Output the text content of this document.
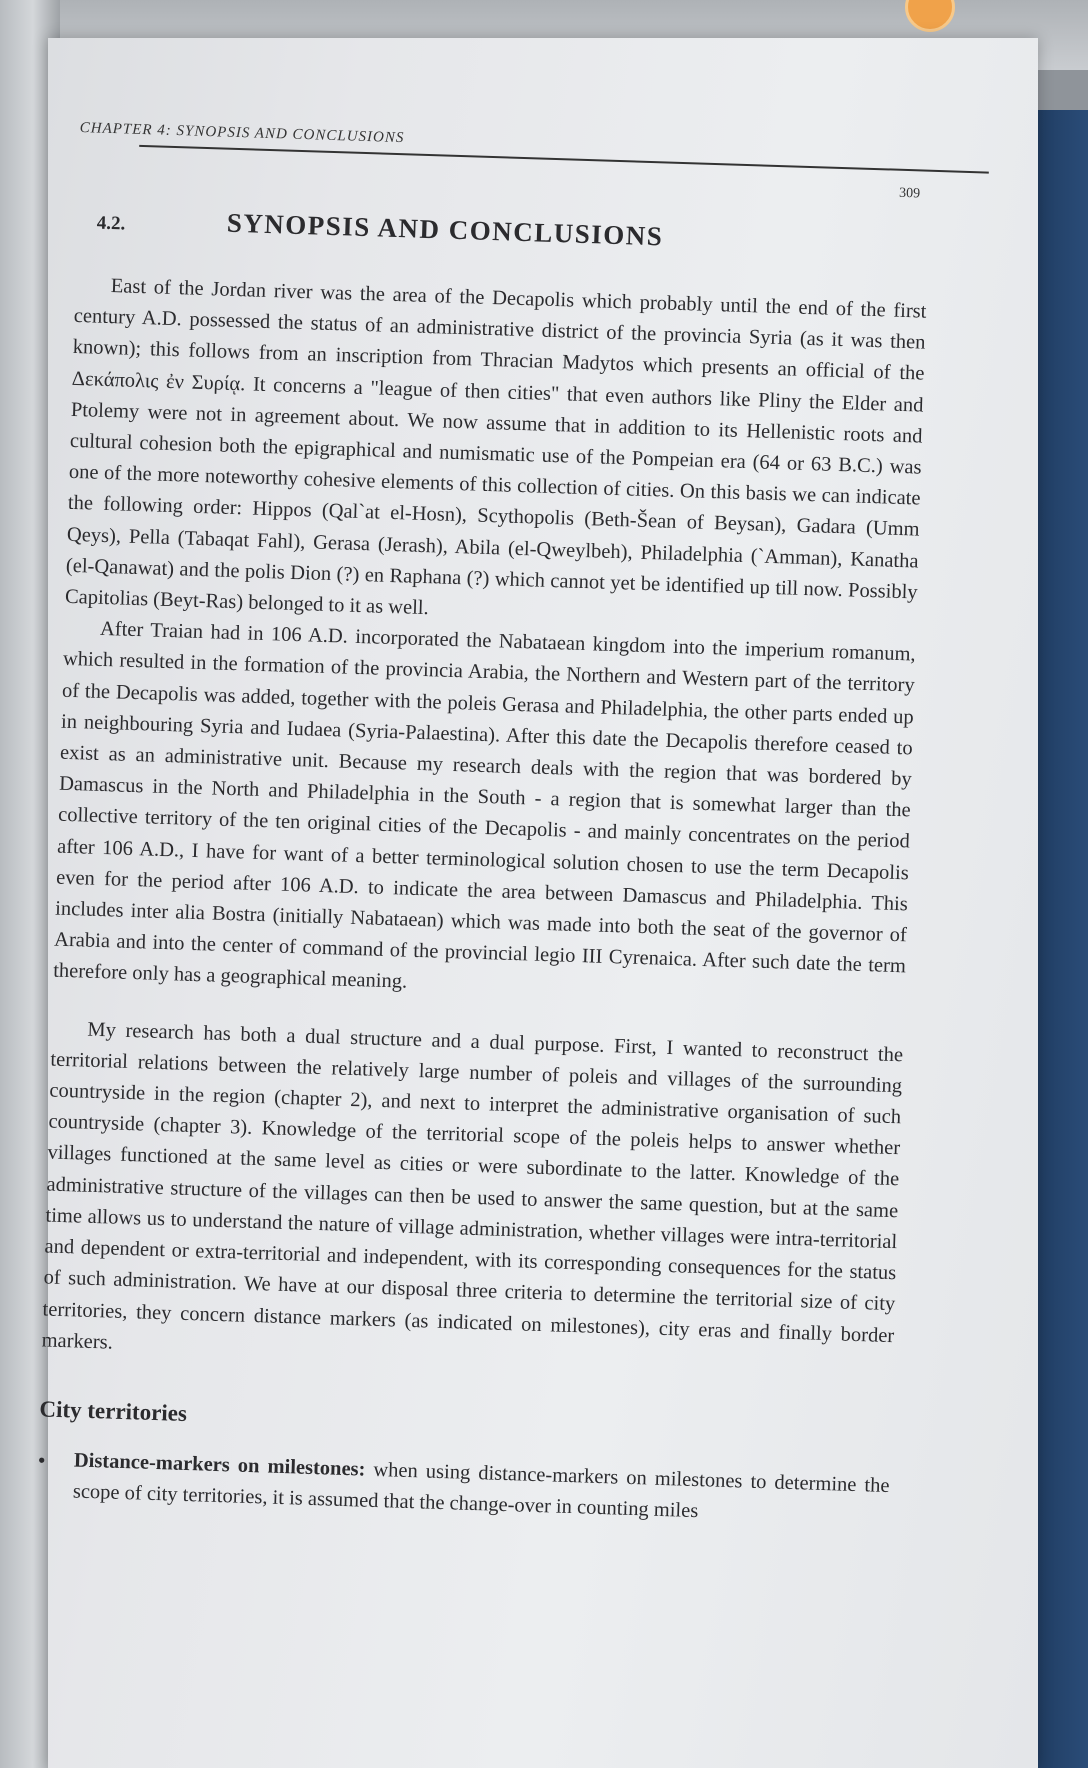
CHAPTER 4: SYNOPSIS AND CONCLUSIONS
309
4.2.	SYNOPSIS AND CONCLUSIONS

East of the Jordan river was the area of the Decapolis which probably until the end of the first century A.D. possessed the status of an administrative district of the provincia Syria (as it was then known); this follows from an inscription from Thracian Madytos which presents an official of the Δεκάπολις ἐν Συρίᾳ. It concerns a "league of then cities" that even authors like Pliny the Elder and Ptolemy were not in agreement about. We now assume that in addition to its Hellenistic roots and cultural cohesion both the epigraphical and numismatic use of the Pompeian era (64 or 63 B.C.) was one of the more noteworthy cohesive elements of this collection of cities. On this basis we can indicate the following order: Hippos (Qal`at el-Hosn), Scythopolis (Beth-Šean of Beysan), Gadara (Umm Qeys), Pella (Tabaqat Fahl), Gerasa (Jerash), Abila (el-Qweylbeh), Philadelphia (`Amman), Kanatha (el-Qanawat) and the polis Dion (?) en Raphana (?) which cannot yet be identified up till now. Possibly Capitolias (Beyt-Ras) belonged to it as well.

After Traian had in 106 A.D. incorporated the Nabataean kingdom into the imperium romanum, which resulted in the formation of the provincia Arabia, the Northern and Western part of the territory of the Decapolis was added, together with the poleis Gerasa and Philadelphia, the other parts ended up in neighbouring Syria and Iudaea (Syria-Palaestina). After this date the Decapolis therefore ceased to exist as an administrative unit. Because my research deals with the region that was bordered by Damascus in the North and Philadelphia in the South - a region that is somewhat larger than the collective territory of the ten original cities of the Decapolis - and mainly concentrates on the period after 106 A.D., I have for want of a better terminological solution chosen to use the term Decapolis even for the period after 106 A.D. to indicate the area between Damascus and Philadelphia. This includes inter alia Bostra (initially Nabataean) which was made into both the seat of the governor of Arabia and into the center of command of the provincial legio III Cyrenaica. After such date the term therefore only has a geographical meaning.

My research has both a dual structure and a dual purpose. First, I wanted to reconstruct the territorial relations between the relatively large number of poleis and villages of the surrounding countryside in the region (chapter 2), and next to interpret the administrative organisation of such countryside (chapter 3). Knowledge of the territorial scope of the poleis helps to answer whether villages functioned at the same level as cities or were subordinate to the latter. Knowledge of the administrative structure of the villages can then be used to answer the same question, but at the same time allows us to understand the nature of village administration, whether villages were intra-territorial and dependent or extra-territorial and independent, with its corresponding consequences for the status of such administration. We have at our disposal three criteria to determine the territorial size of city territories, they concern distance markers (as indicated on milestones), city eras and finally border markers.

City territories
• Distance-markers on milestones: when using distance-markers on milestones to determine the scope of city territories, it is assumed that the change-over in counting miles
